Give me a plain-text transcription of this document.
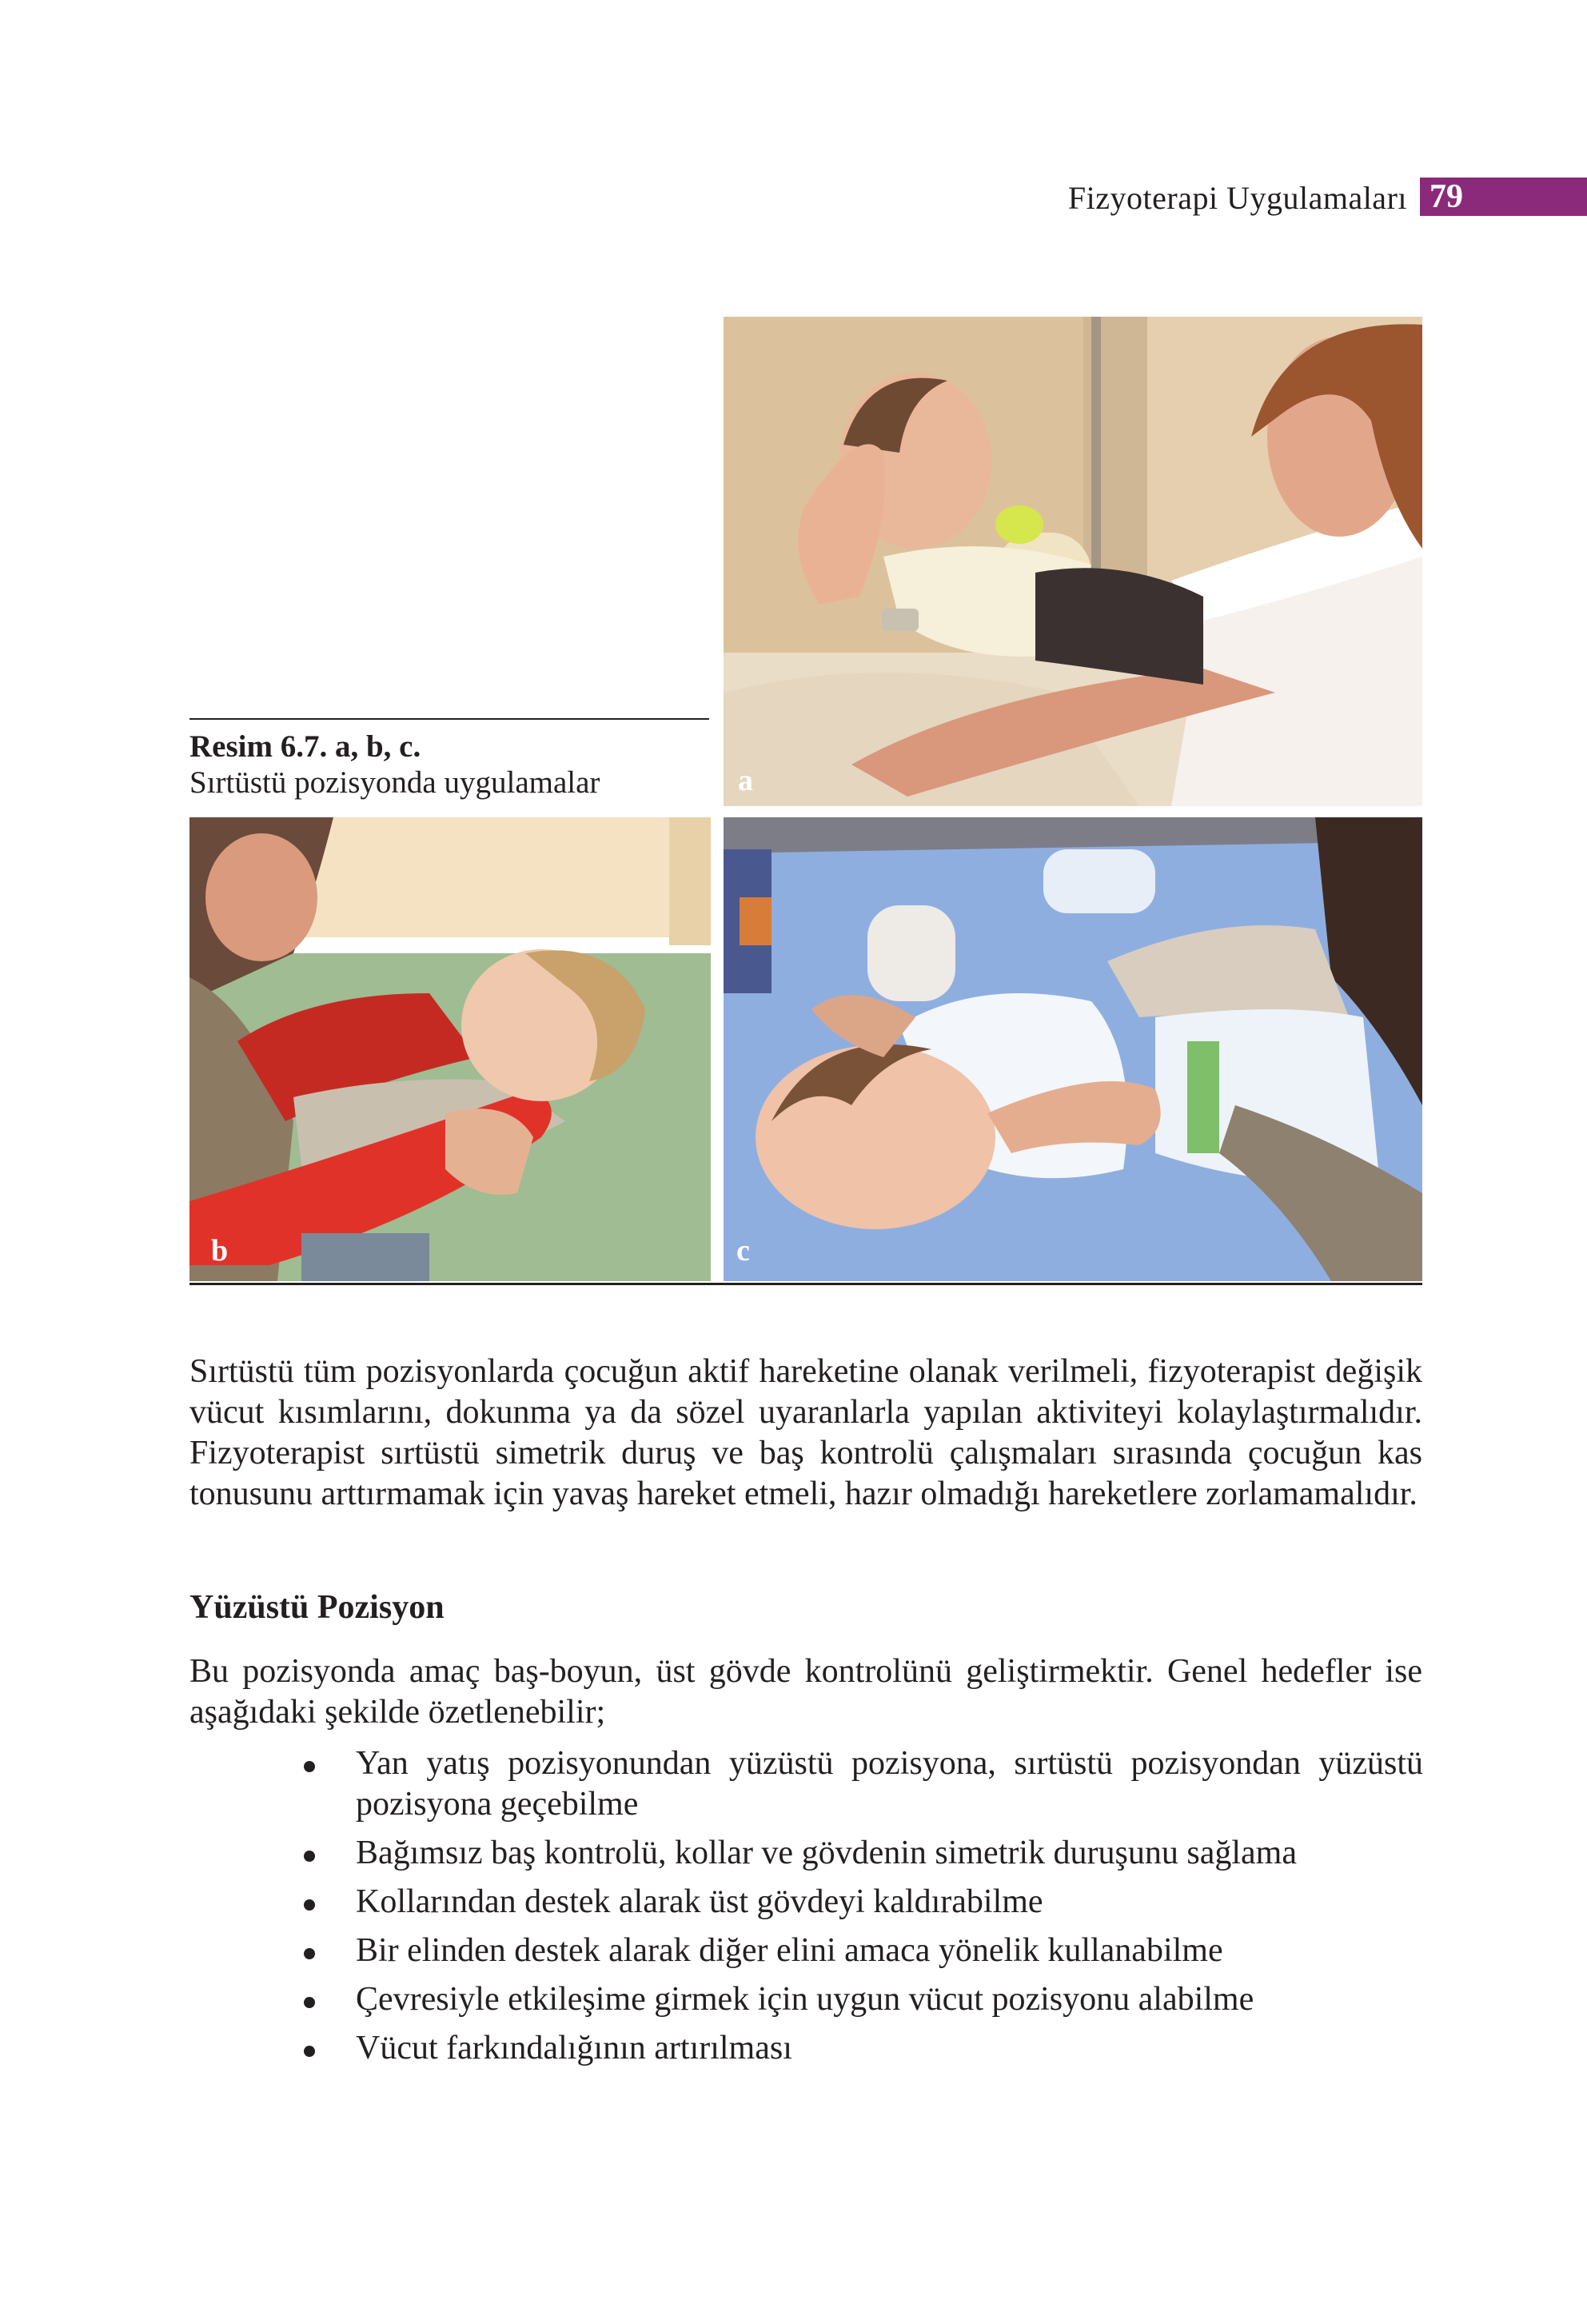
Fizyoterapi Uygulamaları 79
Resim 6.7. a, b, c.
Sırtüstü pozisyonda uygulamalar	a
b	c
Sırtüstü tüm pozisyonlarda çocuğun aktif hareketine olanak verilmeli, fizyoterapist değişik vücut kısımlarını, dokunma ya da sözel uyaranlarla yapılan aktiviteyi kolaylaştırmalıdır. Fizyoterapist sırtüstü simetrik duruş ve baş kontrolü çalışmaları sırasında çocuğun kas tonusunu arttırmamak için yavaş hareket etmeli, hazır olmadığı hareketlere zorlamamalıdır.
Yüzüstü Pozisyon
Bu pozisyonda amaç baş-boyun, üst gövde kontrolünü geliştirmektir. Genel hedefler ise aşağıdaki şekilde özetlenebilir;
Yan yatış pozisyonundan yüzüstü pozisyona, sırtüstü pozisyondan yüzüstü pozisyona geçebilme
Bağımsız baş kontrolü, kollar ve gövdenin simetrik duruşunu sağlama
Kollarından destek alarak üst gövdeyi kaldırabilme
Bir elinden destek alarak diğer elini amaca yönelik kullanabilme
Çevresiyle etkileşime girmek için uygun vücut pozisyonu alabilme
Vücut farkındalığının artırılması
